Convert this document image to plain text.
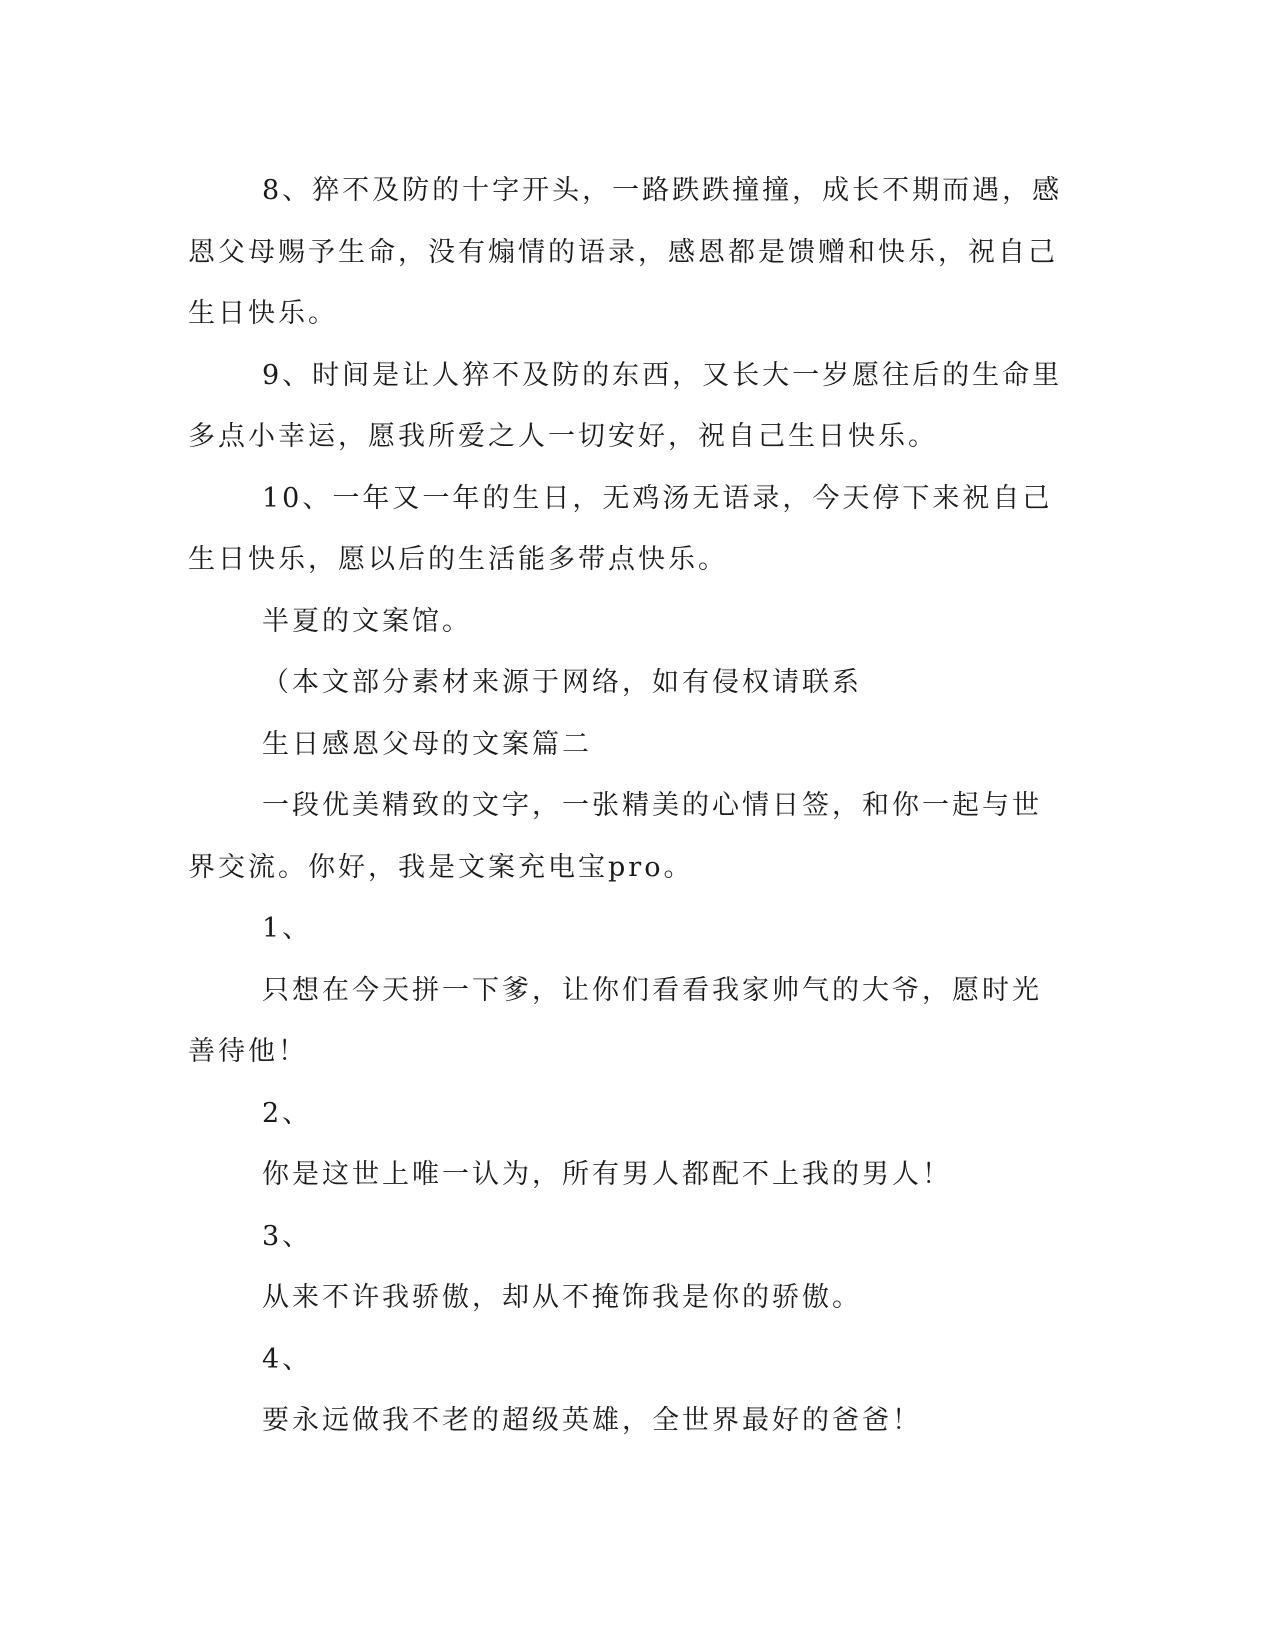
8、猝不及防的十字开头，一路跌跌撞撞，成长不期而遇，感恩父母赐予生命，没有煽情的语录，感恩都是馈赠和快乐，祝自己生日快乐。

9、时间是让人猝不及防的东西，又长大一岁愿往后的生命里多点小幸运，愿我所爱之人一切安好，祝自己生日快乐。

10、一年又一年的生日，无鸡汤无语录，今天停下来祝自己生日快乐，愿以后的生活能多带点快乐。

半夏的文案馆。

（本文部分素材来源于网络，如有侵权请联系

生日感恩父母的文案篇二

一段优美精致的文字，一张精美的心情日签，和你一起与世界交流。你好，我是文案充电宝pro。

1、

只想在今天拼一下爹，让你们看看我家帅气的大爷，愿时光善待他！

2、

你是这世上唯一认为，所有男人都配不上我的男人！

3、

从来不许我骄傲，却从不掩饰我是你的骄傲。

4、

要永远做我不老的超级英雄，全世界最好的爸爸！
